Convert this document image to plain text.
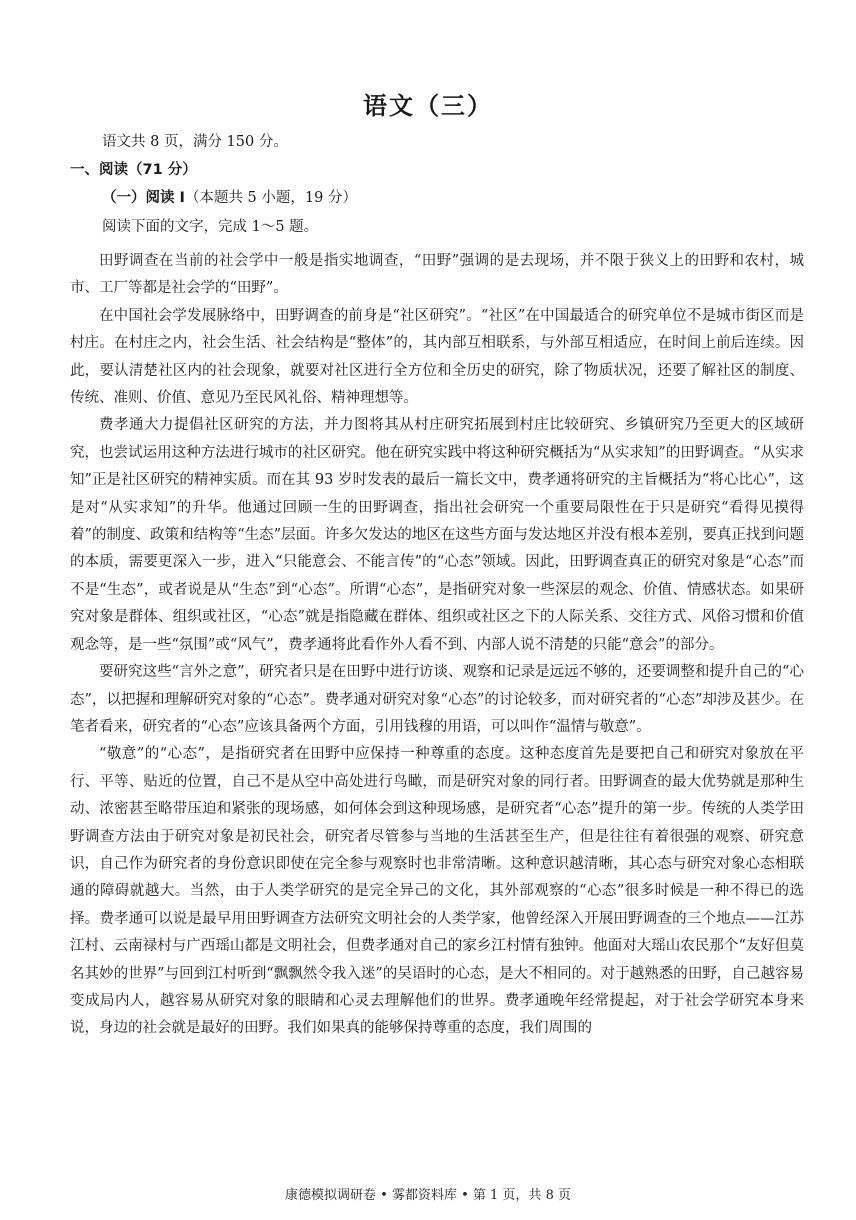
语文（三）
语文共 8 页，满分 150 分。
一、阅读（71 分）
（一）阅读 Ⅰ（本题共 5 小题，19 分）
阅读下面的文字，完成 1～5 题。

田野调查在当前的社会学中一般是指实地调查，“田野”强调的是去现场，并不限于狭义上的田野和农村，城市、工厂等都是社会学的“田野”。

在中国社会学发展脉络中，田野调查的前身是“社区研究”。“社区”在中国最适合的研究单位不是城市街区而是村庄。在村庄之内，社会生活、社会结构是“整体”的，其内部互相联系，与外部互相适应，在时间上前后连续。因此，要认清楚社区内的社会现象，就要对社区进行全方位和全历史的研究，除了物质状况，还要了解社区的制度、传统、准则、价值、意见乃至民风礼俗、精神理想等。

费孝通大力提倡社区研究的方法，并力图将其从村庄研究拓展到村庄比较研究、乡镇研究乃至更大的区域研究，也尝试运用这种方法进行城市的社区研究。他在研究实践中将这种研究概括为“从实求知”的田野调查。“从实求知”正是社区研究的精神实质。而在其 93 岁时发表的最后一篇长文中，费孝通将研究的主旨概括为“将心比心”，这是对“从实求知”的升华。他通过回顾一生的田野调查，指出社会研究一个重要局限性在于只是研究“看得见摸得着”的制度、政策和结构等“生态”层面。许多欠发达的地区在这些方面与发达地区并没有根本差别，要真正找到问题的本质，需要更深入一步，进入“只能意会、不能言传”的“心态”领域。因此，田野调查真正的研究对象是“心态”而不是“生态”，或者说是从“生态”到“心态”。所谓“心态”，是指研究对象一些深层的观念、价值、情感状态。如果研究对象是群体、组织或社区，“心态”就是指隐藏在群体、组织或社区之下的人际关系、交往方式、风俗习惯和价值观念等，是一些“氛围”或“风气”，费孝通将此看作外人看不到、内部人说不清楚的只能“意会”的部分。

要研究这些“言外之意”，研究者只是在田野中进行访谈、观察和记录是远远不够的，还要调整和提升自己的“心态”，以把握和理解研究对象的“心态”。费孝通对研究对象“心态”的讨论较多，而对研究者的“心态”却涉及甚少。在笔者看来，研究者的“心态”应该具备两个方面，引用钱穆的用语，可以叫作“温情与敬意”。

“敬意”的“心态”，是指研究者在田野中应保持一种尊重的态度。这种态度首先是要把自己和研究对象放在平行、平等、贴近的位置，自己不是从空中高处进行鸟瞰，而是研究对象的同行者。田野调查的最大优势就是那种生动、浓密甚至略带压迫和紧张的现场感，如何体会到这种现场感，是研究者“心态”提升的第一步。传统的人类学田野调查方法由于研究对象是初民社会，研究者尽管参与当地的生活甚至生产，但是往往有着很强的观察、研究意识，自己作为研究者的身份意识即使在完全参与观察时也非常清晰。这种意识越清晰，其心态与研究对象心态相联通的障碍就越大。当然，由于人类学研究的是完全异己的文化，其外部观察的“心态”很多时候是一种不得已的选择。费孝通可以说是最早用田野调查方法研究文明社会的人类学家，他曾经深入开展田野调查的三个地点——江苏江村、云南禄村与广西瑶山都是文明社会，但费孝通对自己的家乡江村情有独钟。他面对大瑶山农民那个“友好但莫名其妙的世界”与回到江村听到“飘飘然令我入迷”的吴语时的心态，是大不相同的。对于越熟悉的田野，自己越容易变成局内人，越容易从研究对象的眼睛和心灵去理解他们的世界。费孝通晚年经常提起，对于社会学研究本身来说，身边的社会就是最好的田野。我们如果真的能够保持尊重的态度，我们周围的

康德模拟调研卷 • 雾都资料库 • 第 1 页，共 8 页
